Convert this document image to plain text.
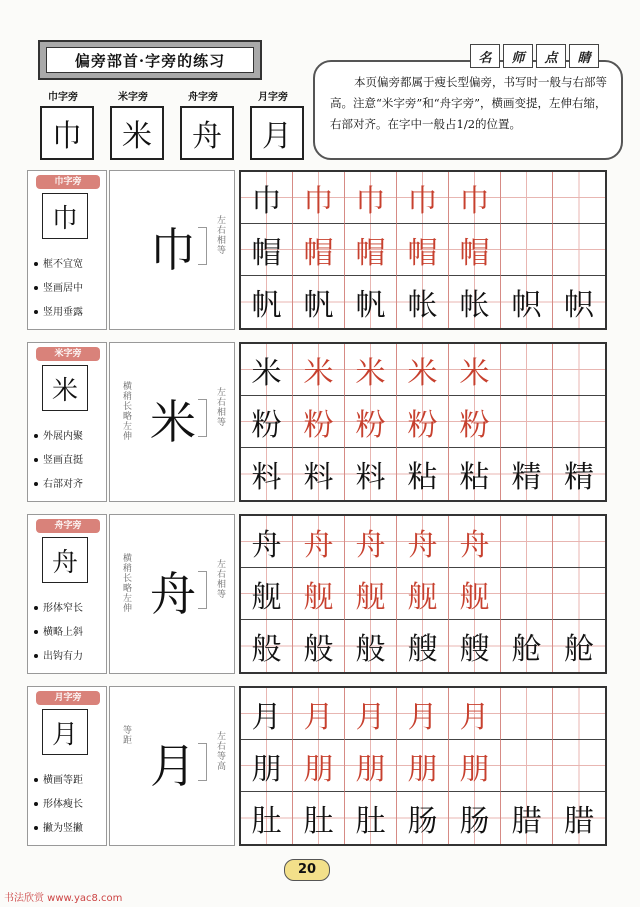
偏旁部首·字旁的练习
巾字旁	米字旁	舟字旁	月字旁
巾	米	舟	月
名	师	点	睛
本页偏旁都属于瘦长型偏旁，书写时一般与右部等高。注意“米字旁”和“舟字旁”，横画变提，左伸右缩，右部对齐。在字中一般占1/2的位置。
巾字旁
巾
框不宜宽
竖画居中
竖用垂露
巾 左右相等
巾 巾 巾 巾 巾
帽 帽 帽 帽 帽
帆 帆 帆 帐 帐 帜 帜
米字旁
米
外展内聚
竖画直挺
右部对齐
米 左右相等
横稍长略左伸
米 米 米 米 米
粉 粉 粉 粉 粉
料 料 料 粘 粘 精 精
舟字旁
舟
形体窄长
横略上斜
出钩有力
舟 左右相等
横稍长略左伸
舟 舟 舟 舟 舟
舰 舰 舰 舰 舰
般 般 般 艘 艘 舱 舱
月字旁
月
横画等距
形体瘦长
撇为竖撇
月 左右等高
等距
月 月 月 月 月
朋 朋 朋 朋 朋
肚 肚 肚 肠 肠 腊 腊
20
书法欣赏 www.yac8.com
